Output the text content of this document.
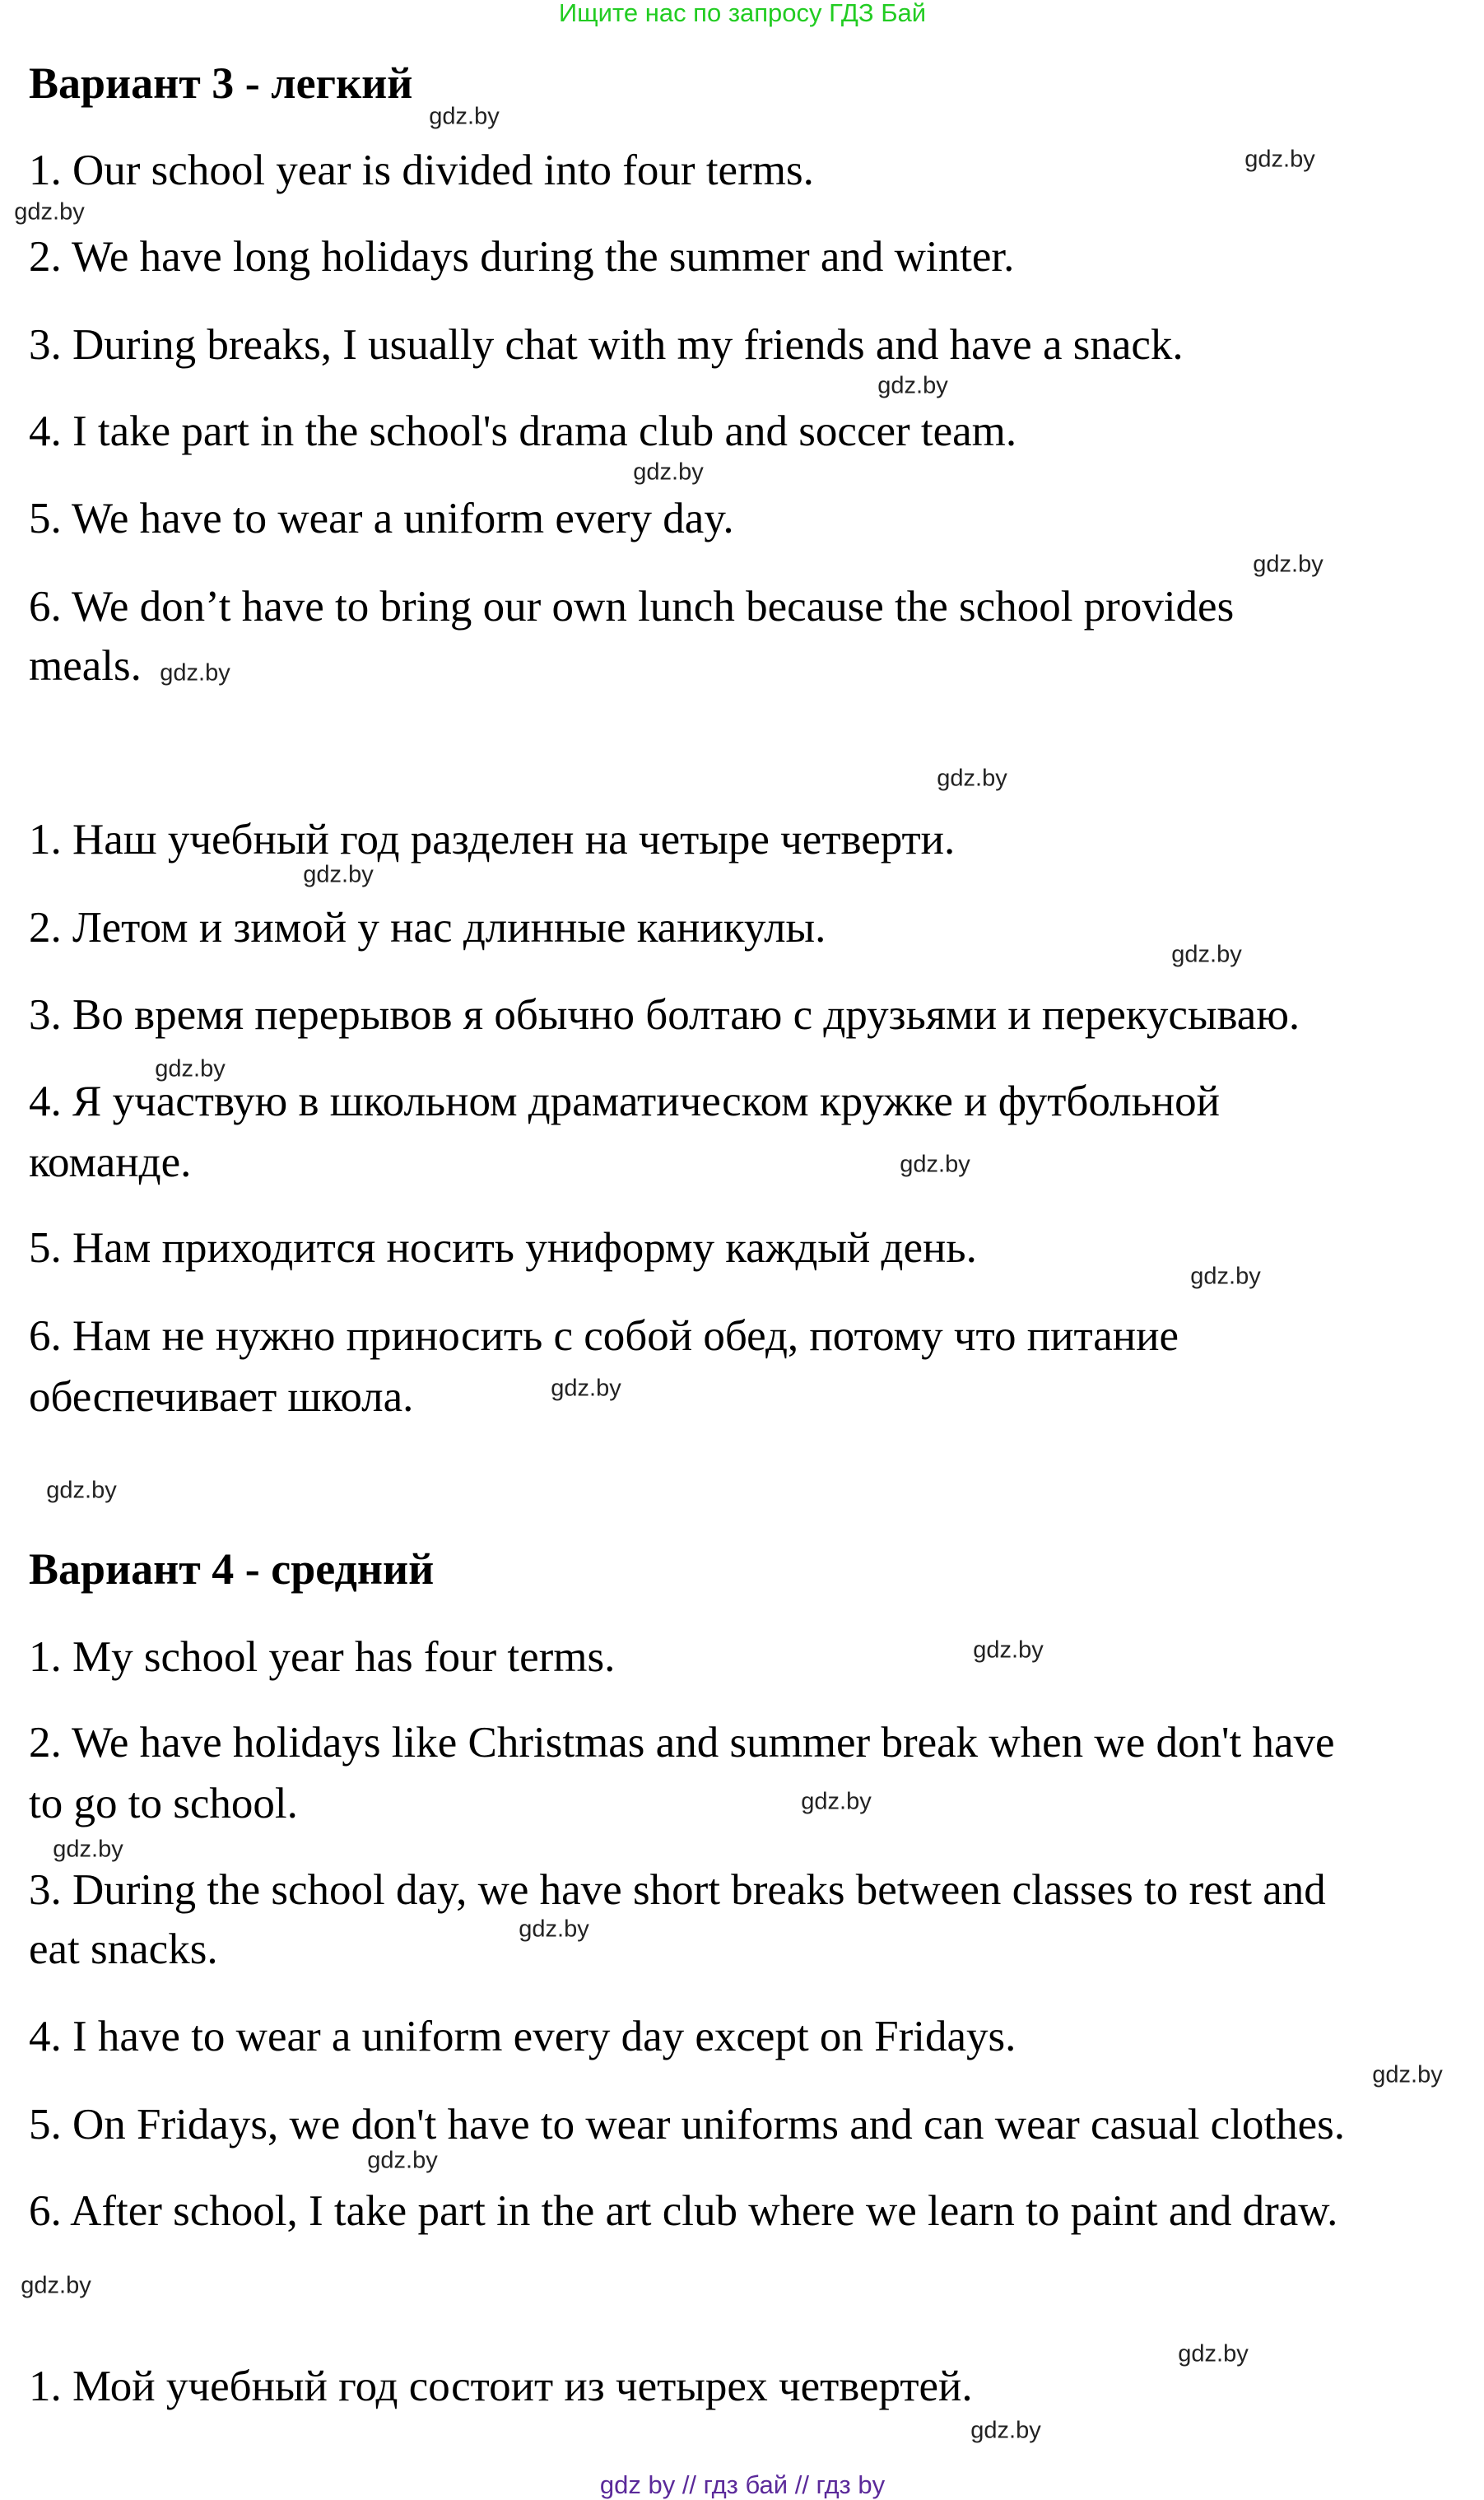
Ищите нас по запросу ГДЗ Бай
Вариант 3 - легкий
1. Our school year is divided into four terms.
2. We have long holidays during the summer and winter.
3. During breaks, I usually chat with my friends and have a snack.
4. I take part in the school's drama club and soccer team.
5. We have to wear a uniform every day.
6. We don’t have to bring our own lunch because the school provides
meals.
1. Наш учебный год разделен на четыре четверти.
2. Летом и зимой у нас длинные каникулы.
3. Во время перерывов я обычно болтаю с друзьями и перекусываю.
4. Я участвую в школьном драматическом кружке и футбольной
команде.
5. Нам приходится носить униформу каждый день.
6. Нам не нужно приносить с собой обед, потому что питание
обеспечивает школа.
Вариант 4 - средний
1. My school year has four terms.
2. We have holidays like Christmas and summer break when we don't have
to go to school.
3. During the school day, we have short breaks between classes to rest and
eat snacks.
4. I have to wear a uniform every day except on Fridays.
5. On Fridays, we don't have to wear uniforms and can wear casual clothes.
6. After school, I take part in the art club where we learn to paint and draw.
1. Мой учебный год состоит из четырех четвертей.
gdz.by
gdz.by
gdz.by
gdz.by
gdz.by
gdz.by
gdz.by
gdz.by
gdz.by
gdz.by
gdz.by
gdz.by
gdz.by
gdz.by
gdz.by
gdz.by
gdz.by
gdz.by
gdz.by
gdz.by
gdz.by
gdz.by
gdz.by
gdz.by
gdz by // гдз бай // гдз by
